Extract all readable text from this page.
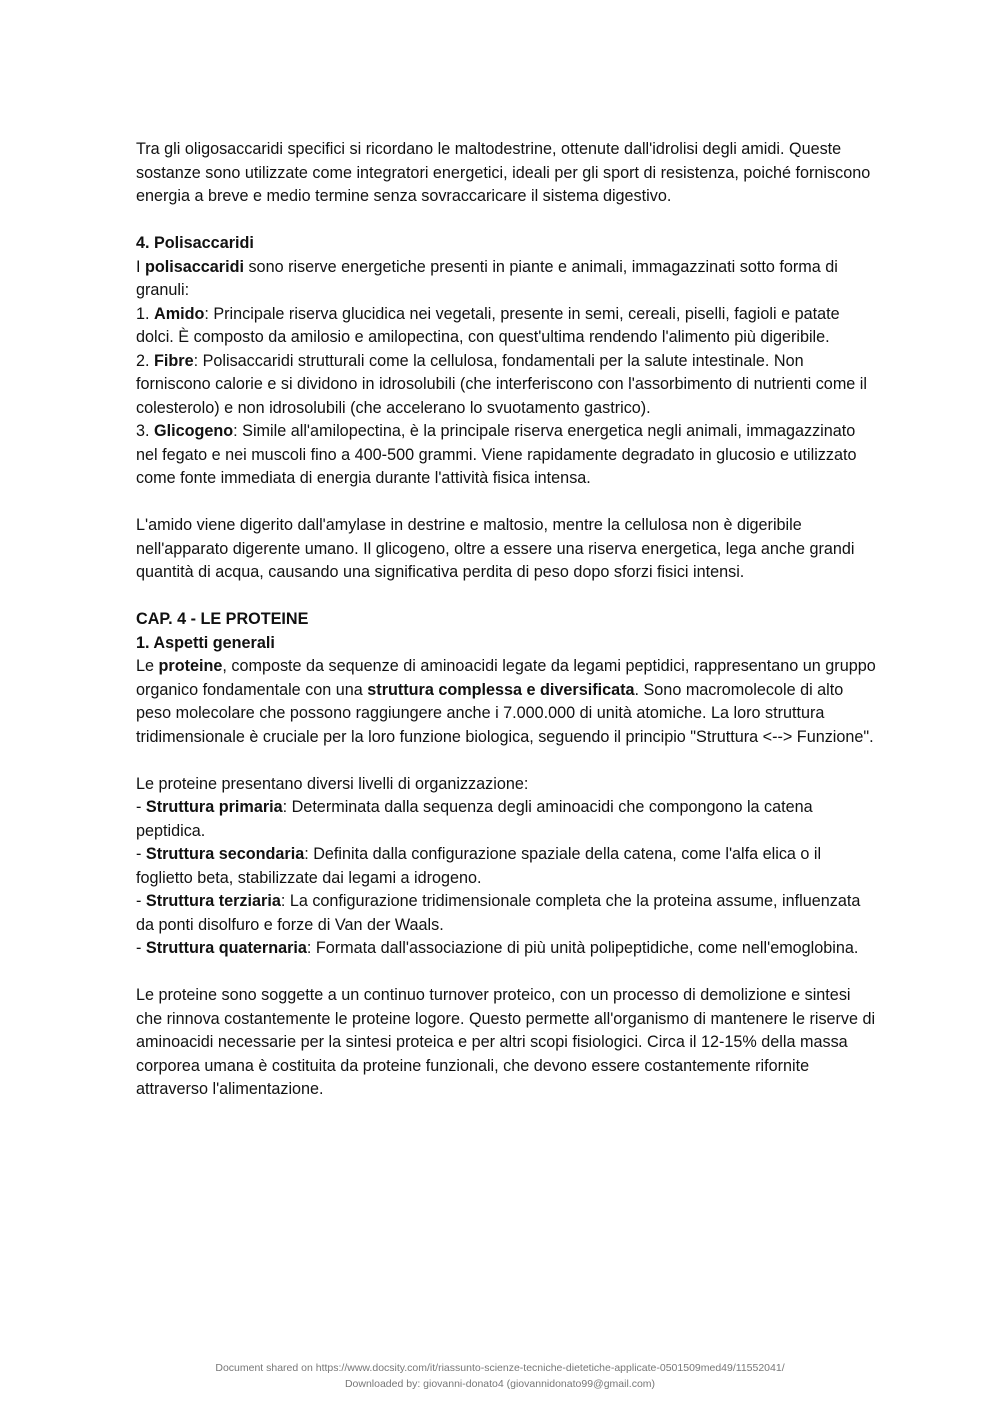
Tra gli oligosaccaridi specifici si ricordano le maltodestrine, ottenute dall'idrolisi degli amidi. Queste sostanze sono utilizzate come integratori energetici, ideali per gli sport di resistenza, poiché forniscono energia a breve e medio termine senza sovraccaricare il sistema digestivo.

4. Polisaccaridi

I polisaccaridi sono riserve energetiche presenti in piante e animali, immagazzinati sotto forma di granuli:

1. Amido: Principale riserva glucidica nei vegetali, presente in semi, cereali, piselli, fagioli e patate dolci. È composto da amilosio e amilopectina, con quest'ultima rendendo l'alimento più digeribile.

2. Fibre: Polisaccaridi strutturali come la cellulosa, fondamentali per la salute intestinale. Non forniscono calorie e si dividono in idrosolubili (che interferiscono con l'assorbimento di nutrienti come il colesterolo) e non idrosolubili (che accelerano lo svuotamento gastrico).

3. Glicogeno: Simile all'amilopectina, è la principale riserva energetica negli animali, immagazzinato nel fegato e nei muscoli fino a 400-500 grammi. Viene rapidamente degradato in glucosio e utilizzato come fonte immediata di energia durante l'attività fisica intensa.

L'amido viene digerito dall'amylase in destrine e maltosio, mentre la cellulosa non è digeribile nell'apparato digerente umano. Il glicogeno, oltre a essere una riserva energetica, lega anche grandi quantità di acqua, causando una significativa perdita di peso dopo sforzi fisici intensi.

CAP. 4 - LE PROTEINE

1. Aspetti generali

Le proteine, composte da sequenze di aminoacidi legate da legami peptidici, rappresentano un gruppo organico fondamentale con una struttura complessa e diversificata. Sono macromolecole di alto peso molecolare che possono raggiungere anche i 7.000.000 di unità atomiche. La loro struttura tridimensionale è cruciale per la loro funzione biologica, seguendo il principio "Struttura <--> Funzione".

Le proteine presentano diversi livelli di organizzazione:

- Struttura primaria: Determinata dalla sequenza degli aminoacidi che compongono la catena peptidica.

- Struttura secondaria: Definita dalla configurazione spaziale della catena, come l'alfa elica o il foglietto beta, stabilizzate dai legami a idrogeno.

- Struttura terziaria: La configurazione tridimensionale completa che la proteina assume, influenzata da ponti disolfuro e forze di Van der Waals.

- Struttura quaternaria: Formata dall'associazione di più unità polipeptidiche, come nell'emoglobina.

Le proteine sono soggette a un continuo turnover proteico, con un processo di demolizione e sintesi che rinnova costantemente le proteine logore. Questo permette all'organismo di mantenere le riserve di aminoacidi necessarie per la sintesi proteica e per altri scopi fisiologici. Circa il 12-15% della massa corporea umana è costituita da proteine funzionali, che devono essere costantemente rifornite attraverso l'alimentazione.

Document shared on https://www.docsity.com/it/riassunto-scienze-tecniche-dietetiche-applicate-0501509med49/11552041/
Downloaded by: giovanni-donato4 (giovannidonato99@gmail.com)
